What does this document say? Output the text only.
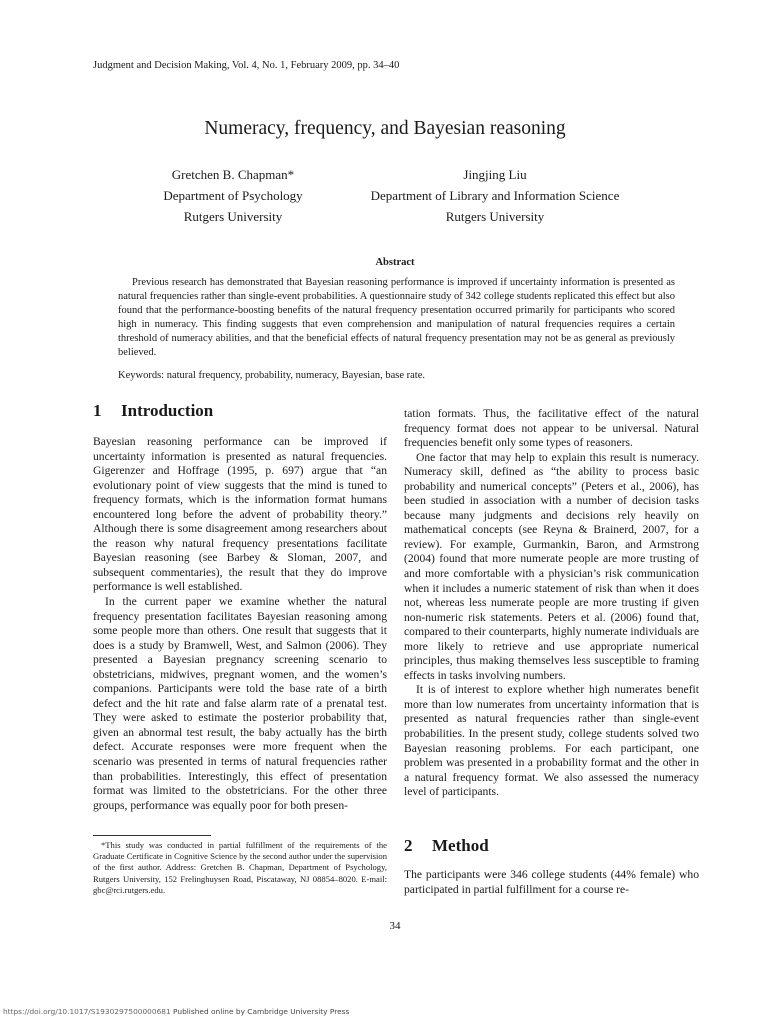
Judgment and Decision Making, Vol. 4, No. 1, February 2009, pp. 34–40
Numeracy, frequency, and Bayesian reasoning
Gretchen B. Chapman*
Department of Psychology
Rutgers University
Jingjing Liu
Department of Library and Information Science
Rutgers University
Abstract
Previous research has demonstrated that Bayesian reasoning performance is improved if uncertainty information is presented as natural frequencies rather than single-event probabilities. A questionnaire study of 342 college students replicated this effect but also found that the performance-boosting benefits of the natural frequency presentation occurred primarily for participants who scored high in numeracy. This finding suggests that even comprehension and manipulation of natural frequencies requires a certain threshold of numeracy abilities, and that the beneficial effects of natural frequency presentation may not be as general as previously believed.
Keywords: natural frequency, probability, numeracy, Bayesian, base rate.
1 Introduction

Bayesian reasoning performance can be improved if uncertainty information is presented as natural frequencies. Gigerenzer and Hoffrage (1995, p. 697) argue that “an evolutionary point of view suggests that the mind is tuned to frequency formats, which is the information format humans encountered long before the advent of probability theory.” Although there is some disagreement among researchers about the reason why natural frequency presentations facilitate Bayesian reasoning (see Barbey & Sloman, 2007, and subsequent commentaries), the result that they do improve performance is well established.

In the current paper we examine whether the natural frequency presentation facilitates Bayesian reasoning among some people more than others. One result that suggests that it does is a study by Bramwell, West, and Salmon (2006). They presented a Bayesian pregnancy screening scenario to obstetricians, midwives, pregnant women, and the women’s companions. Participants were told the base rate of a birth defect and the hit rate and false alarm rate of a prenatal test. They were asked to estimate the posterior probability that, given an abnormal test result, the baby actually has the birth defect. Accurate responses were more frequent when the scenario was presented in terms of natural frequencies rather than probabilities. Interestingly, this effect of presentation format was limited to the obstetricians. For the other three groups, performance was equally poor for both presen-

*This study was conducted in partial fulfillment of the requirements of the Graduate Certificate in Cognitive Science by the second author under the supervision of the first author. Address: Gretchen B. Chapman, Department of Psychology, Rutgers University, 152 Frelinghuysen Road, Piscataway, NJ 08854–8020. E-mail: gbc@rci.rutgers.edu.

tation formats. Thus, the facilitative effect of the natural frequency format does not appear to be universal. Natural frequencies benefit only some types of reasoners.

One factor that may help to explain this result is numeracy. Numeracy skill, defined as “the ability to process basic probability and numerical concepts” (Peters et al., 2006), has been studied in association with a number of decision tasks because many judgments and decisions rely heavily on mathematical concepts (see Reyna & Brainerd, 2007, for a review). For example, Gurmankin, Baron, and Armstrong (2004) found that more numerate people are more trusting of and more comfortable with a physician’s risk communication when it includes a numeric statement of risk than when it does not, whereas less numerate people are more trusting if given non-numeric risk statements. Peters et al. (2006) found that, compared to their counterparts, highly numerate individuals are more likely to retrieve and use appropriate numerical principles, thus making themselves less susceptible to framing effects in tasks involving numbers.

It is of interest to explore whether high numerates benefit more than low numerates from uncertainty information that is presented as natural frequencies rather than single-event probabilities. In the present study, college students solved two Bayesian reasoning problems. For each participant, one problem was presented in a probability format and the other in a natural frequency format. We also assessed the numeracy level of participants.

2 Method

The participants were 346 college students (44% female) who participated in partial fulfillment for a course re-

34
https://doi.org/10.1017/S1930297500000681 Published online by Cambridge University Press
